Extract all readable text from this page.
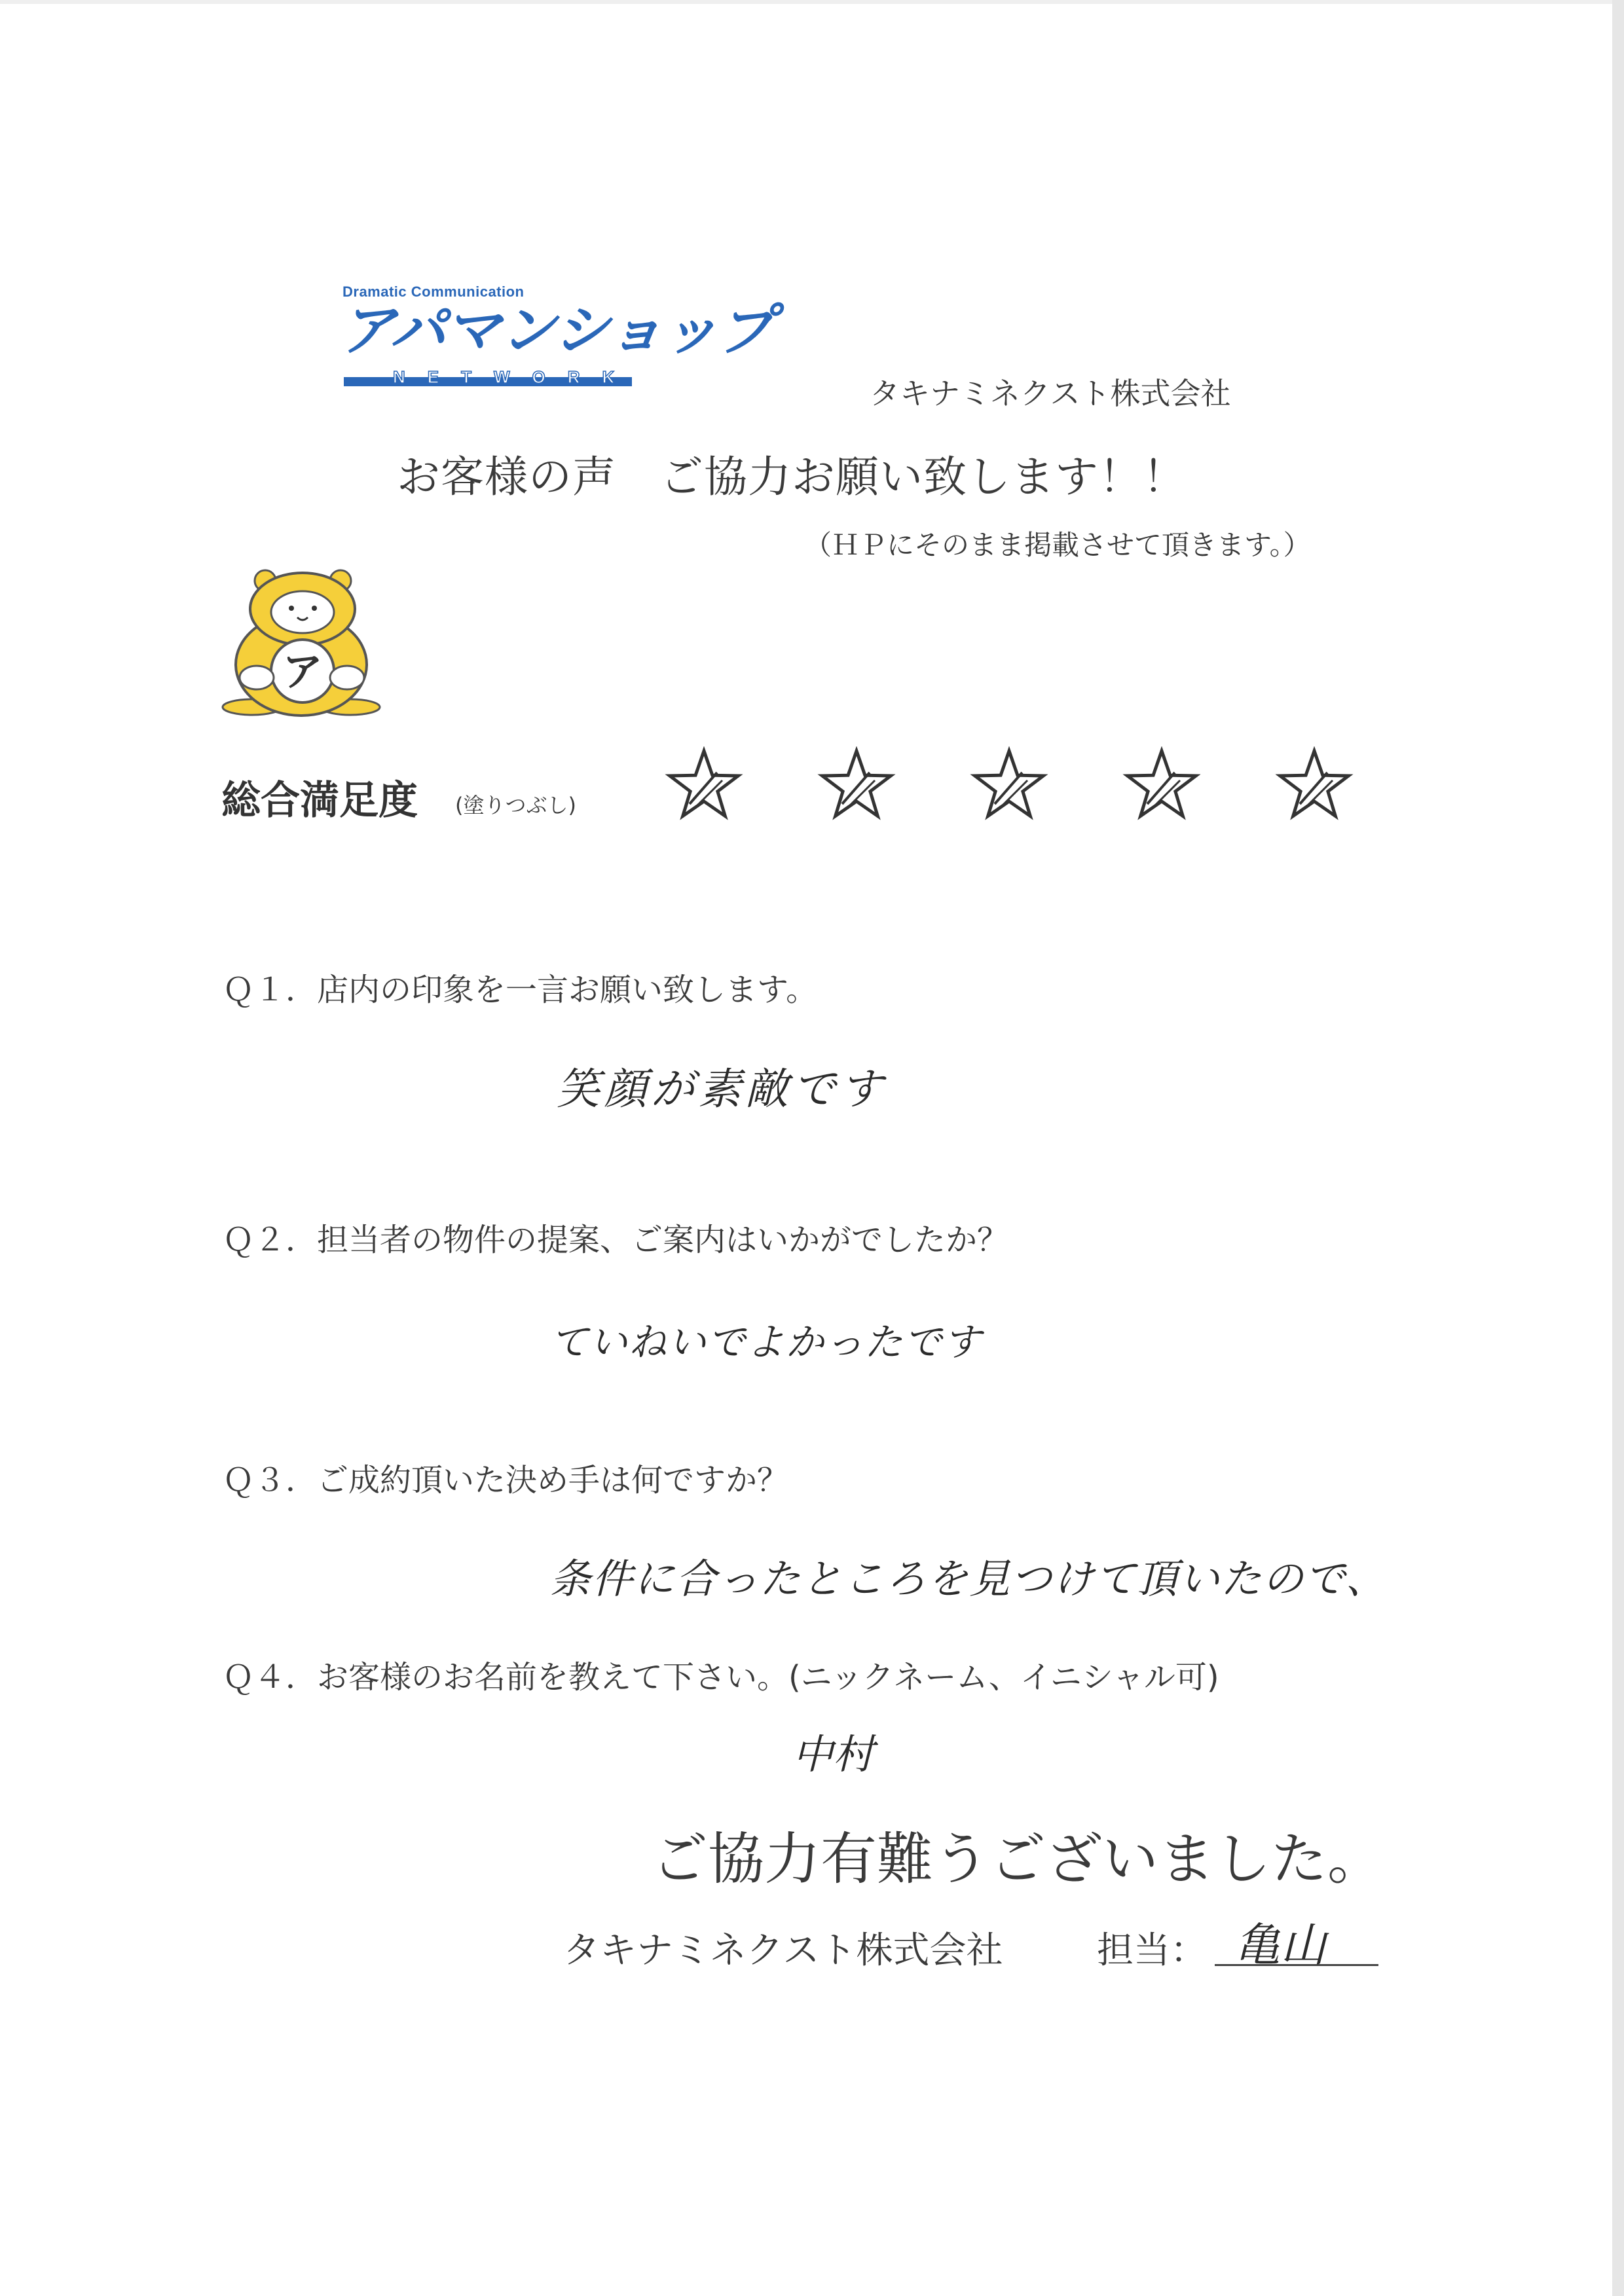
Dramatic Communication
アパマンショップ
NETWORK	タキナミネクスト株式会社
お客様の声　ご協力お願い致します！！
（ＨＰにそのまま掲載させて頂きます。）
ア
総合満足度 (塗りつぶし)
Ｑ１．店内の印象を一言お願い致します。
笑顔が素敵です
Ｑ２．担当者の物件の提案、ご案内はいかがでしたか？
ていねいでよかったです
Ｑ３．ご成約頂いた決め手は何ですか？
条件に合ったところを見つけて頂いたので、
Ｑ４．お客様のお名前を教えて下さい。(ニックネーム、イニシャル可)
中村
ご協力有難うございました。
タキナミネクスト株式会社	担当： 亀山
